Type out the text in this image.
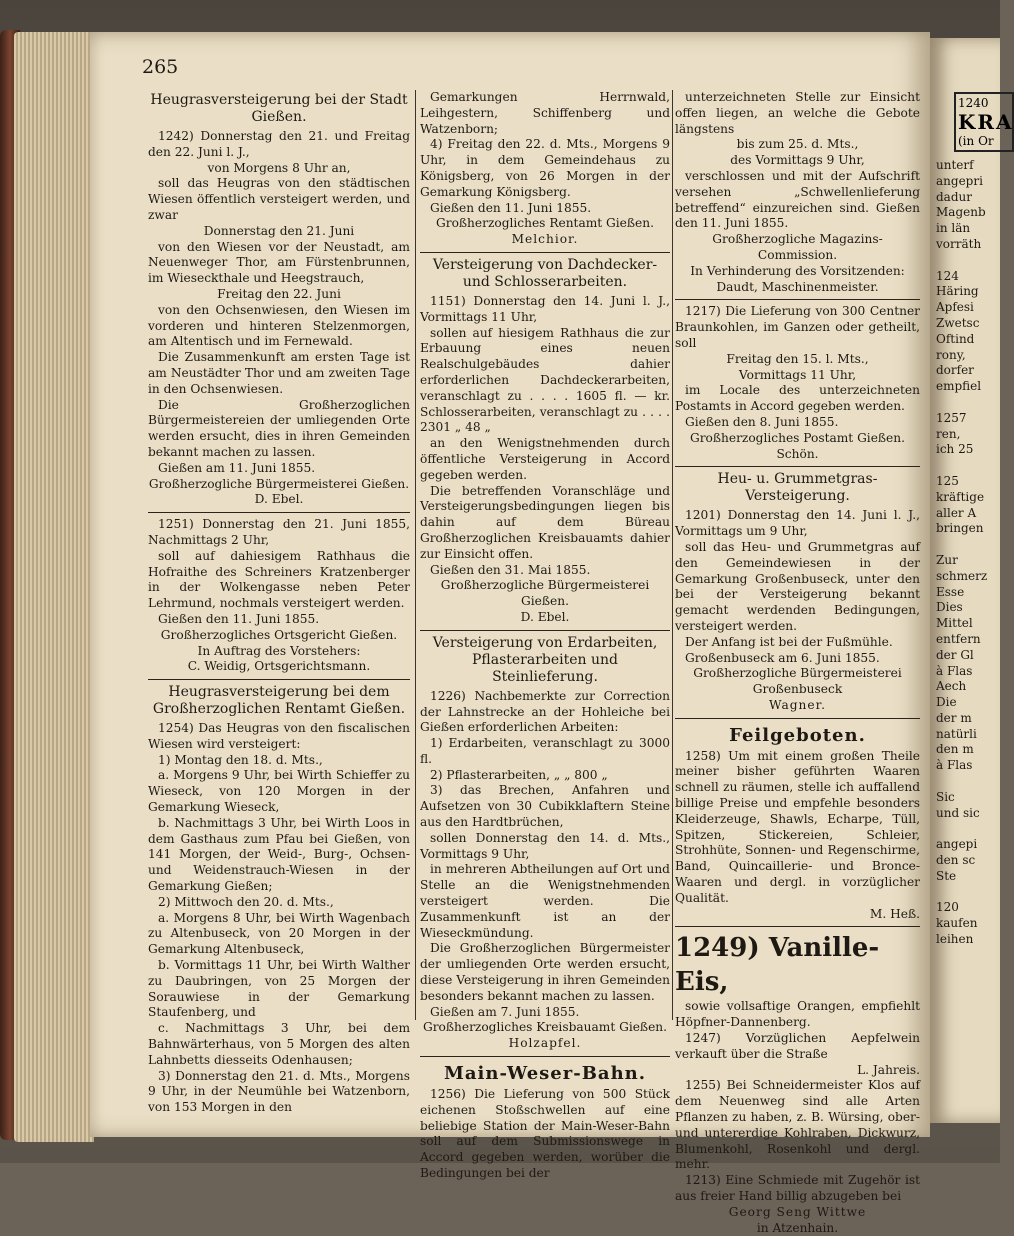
265

Heugrasversteigerung bei der Stadt Gießen.

1242) Donnerstag den 21. und Freitag den 22. Juni l. J.,

von Morgens 8 Uhr an,

soll das Heugras von den städtischen Wiesen öffentlich versteigert werden, und zwar

Donnerstag den 21. Juni

von den Wiesen vor der Neustadt, am Neuenweger Thor, am Fürstenbrunnen, im Wieseckthale und Heegstrauch,

Freitag den 22. Juni

von den Ochsenwiesen, den Wiesen im vorderen und hinteren Stelzenmorgen, am Altentisch und im Fernewald.

Die Zusammenkunft am ersten Tage ist am Neustädter Thor und am zweiten Tage in den Ochsenwiesen.

Die Großherzoglichen Bürgermeistereien der umliegenden Orte werden ersucht, dies in ihren Gemeinden bekannt machen zu lassen.

Gießen am 11. Juni 1855.

Großherzogliche Bürgermeisterei Gießen.

D. Ebel.

1251) Donnerstag den 21. Juni 1855, Nachmittags 2 Uhr,

soll auf dahiesigem Rathhaus die Hofraithe des Schreiners Kratzenberger in der Wolkengasse neben Peter Lehrmund, nochmals versteigert werden.

Gießen den 11. Juni 1855.

Großherzogliches Ortsgericht Gießen.

In Auftrag des Vorstehers:

C. Weidig, Ortsgerichtsmann.

Heugrasversteigerung bei dem Großherzoglichen Rentamt Gießen.

1254) Das Heugras von den fiscalischen Wiesen wird versteigert:

1) Montag den 18. d. Mts.,

a. Morgens 9 Uhr, bei Wirth Schieffer zu Wieseck, von 120 Morgen in der Gemarkung Wieseck,

b. Nachmittags 3 Uhr, bei Wirth Loos in dem Gasthaus zum Pfau bei Gießen, von 141 Morgen, der Weid-, Burg-, Ochsen- und Weidenstrauch-Wiesen in der Gemarkung Gießen;

2) Mittwoch den 20. d. Mts.,

a. Morgens 8 Uhr, bei Wirth Wagenbach zu Altenbuseck, von 20 Morgen in der Gemarkung Altenbuseck,

b. Vormittags 11 Uhr, bei Wirth Walther zu Daubringen, von 25 Morgen der Sorauwiese in der Gemarkung Staufenberg, und

c. Nachmittags 3 Uhr, bei dem Bahnwärterhaus, von 5 Morgen des alten Lahnbetts diesseits Odenhausen;

3) Donnerstag den 21. d. Mts., Morgens 9 Uhr, in der Neumühle bei Watzenborn, von 153 Morgen in den

Gemarkungen Herrnwald, Leihgestern, Schiffenberg und Watzenborn;

4) Freitag den 22. d. Mts., Morgens 9 Uhr, in dem Gemeindehaus zu Königsberg, von 26 Morgen in der Gemarkung Königsberg.

Gießen den 11. Juni 1855.

Großherzogliches Rentamt Gießen.

Melchior.

Versteigerung von Dachdecker- und Schlosserarbeiten.

1151) Donnerstag den 14. Juni l. J., Vormittags 11 Uhr,

sollen auf hiesigem Rathhaus die zur Erbauung eines neuen Realschulgebäudes dahier erforderlichen Dachdeckerarbeiten, veranschlagt zu . . . . 1605 fl. — kr. Schlosserarbeiten, veranschlagt zu . . . . 2301 „ 48 „

an den Wenigstnehmenden durch öffentliche Versteigerung in Accord gegeben werden.

Die betreffenden Voranschläge und Versteigerungsbedingungen liegen bis dahin auf dem Büreau Großherzoglichen Kreisbauamts dahier zur Einsicht offen.

Gießen den 31. Mai 1855.

Großherzogliche Bürgermeisterei Gießen.

D. Ebel.

Versteigerung von Erdarbeiten, Pflasterarbeiten und Steinlieferung.

1226) Nachbemerkte zur Correction der Lahnstrecke an der Hohleiche bei Gießen erforderlichen Arbeiten:

1) Erdarbeiten, veranschlagt zu 3000 fl.

2) Pflasterarbeiten, „ „ 800 „

3) das Brechen, Anfahren und Aufsetzen von 30 Cubikklaftern Steine aus den Hardtbrüchen,

sollen Donnerstag den 14. d. Mts., Vormittags 9 Uhr,

in mehreren Abtheilungen auf Ort und Stelle an die Wenigstnehmenden versteigert werden. Die Zusammenkunft ist an der Wieseckmündung.

Die Großherzoglichen Bürgermeister der umliegenden Orte werden ersucht, diese Versteigerung in ihren Gemeinden besonders bekannt machen zu lassen.

Gießen am 7. Juni 1855.

Großherzogliches Kreisbauamt Gießen.

Holzapfel.

Main-Weser-Bahn.

1256) Die Lieferung von 500 Stück eichenen Stoßschwellen auf eine beliebige Station der Main-Weser-Bahn soll auf dem Submissionswege in Accord gegeben werden, worüber die Bedingungen bei der

unterzeichneten Stelle zur Einsicht offen liegen, an welche die Gebote längstens

bis zum 25. d. Mts.,

des Vormittags 9 Uhr,

verschlossen und mit der Aufschrift versehen „Schwellenlieferung betreffend“ einzureichen sind. Gießen den 11. Juni 1855.

Großherzogliche Magazins-Commission.

In Verhinderung des Vorsitzenden:

Daudt, Maschinenmeister.

1217) Die Lieferung von 300 Centner Braunkohlen, im Ganzen oder getheilt, soll

Freitag den 15. l. Mts.,

Vormittags 11 Uhr,

im Locale des unterzeichneten Postamts in Accord gegeben werden.

Gießen den 8. Juni 1855.

Großherzogliches Postamt Gießen.

Schön.

Heu- u. Grummetgras-Versteigerung.

1201) Donnerstag den 14. Juni l. J., Vormittags um 9 Uhr,

soll das Heu- und Grummetgras auf den Gemeindewiesen in der Gemarkung Großenbuseck, unter den bei der Versteigerung bekannt gemacht werdenden Bedingungen, versteigert werden.

Der Anfang ist bei der Fußmühle.

Großenbuseck am 6. Juni 1855.

Großherzogliche Bürgermeisterei Großenbuseck

Wagner.

Feilgeboten.

1258) Um mit einem großen Theile meiner bisher geführten Waaren schnell zu räumen, stelle ich auffallend billige Preise und empfehle besonders Kleiderzeuge, Shawls, Echarpe, Tüll, Spitzen, Stickereien, Schleier, Strohhüte, Sonnen- und Regenschirme, Band, Quincaillerie- und Bronce-Waaren und dergl. in vorzüglicher Qualität.

M. Heß.

1249) Vanille-Eis,

sowie vollsaftige Orangen, empfiehlt Höpfner-Dannenberg.

1247) Vorzüglichen Aepfelwein verkauft über die Straße

L. Jahreis.

1255) Bei Schneidermeister Klos auf dem Neuenweg sind alle Arten Pflanzen zu haben, z. B. Würsing, ober- und untererdige Kohlraben, Dickwurz, Blumenkohl, Rosenkohl und dergl. mehr.

1213) Eine Schmiede mit Zugehör ist aus freier Hand billig abzugeben bei

Georg Seng Wittwe

in Atzenhain.

1240
KRA
(in Or
unterf
angepri
dadur
Magenb
in län
vorräth

124
Häring
Apfesi
Zwetsc
Oftind
rony,
dorfer
empfiel

1257
ren,
ich 25

125
kräftige
aller A
bringen

Zur
schmerz
Esse
Dies
Mittel
entfern
der Gl
à Flas
Aech
Die
der m
natürli
den m
à Flas

Sic
und sic

angepi
den sc
Ste

120
kaufen
leihen
